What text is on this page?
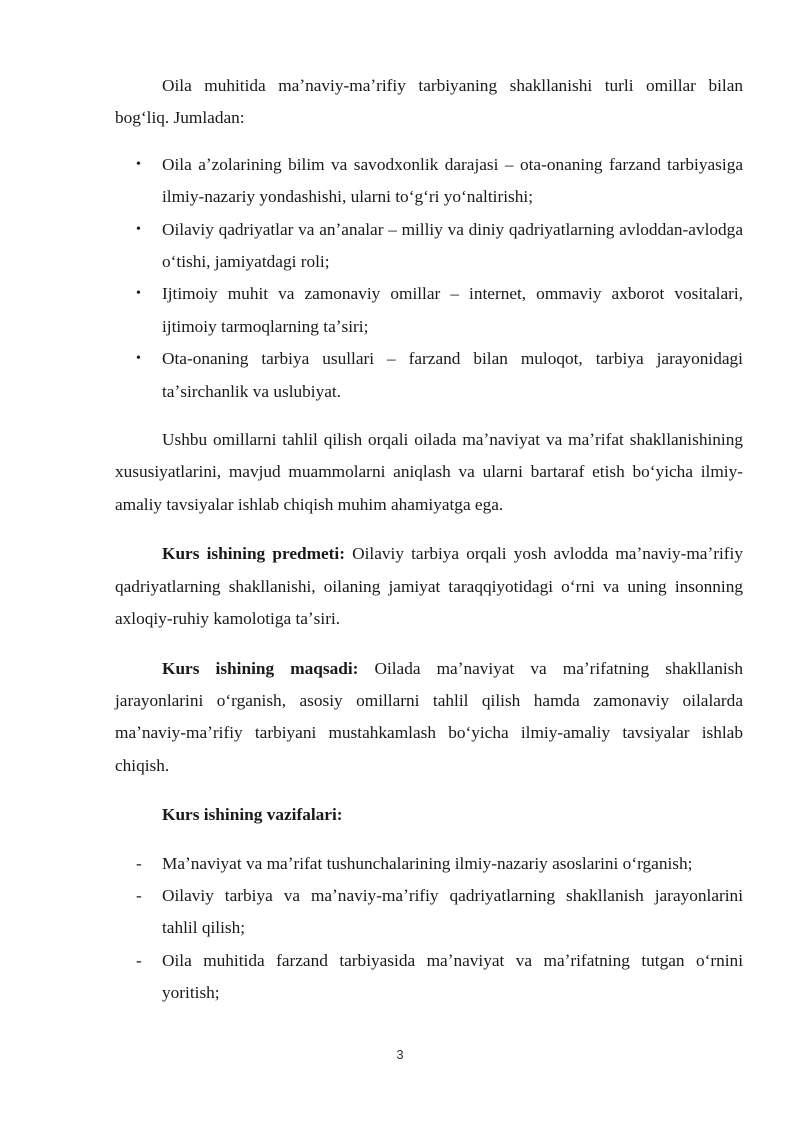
Oila muhitida maʼnaviy-maʼrifiy tarbiyaning shakllanishi turli omillar bilan bogʻliq. Jumladan:

• Oila aʼzolarining bilim va savodxonlik darajasi – ota-onaning farzand tarbiyasiga ilmiy-nazariy yondashishi, ularni toʻgʻri yoʻnaltirishi;
• Oilaviy qadriyatlar va anʼanalar – milliy va diniy qadriyatlarning avloddan-avlodga oʻtishi, jamiyatdagi roli;
• Ijtimoiy muhit va zamonaviy omillar – internet, ommaviy axborot vositalari, ijtimoiy tarmoqlarning taʼsiri;
• Ota-onaning tarbiya usullari – farzand bilan muloqot, tarbiya jarayonidagi taʼsirchanlik va uslubiyat.

Ushbu omillarni tahlil qilish orqali oilada maʼnaviyat va maʼrifat shakllanishining xususiyatlarini, mavjud muammolarni aniqlash va ularni bartaraf etish boʻyicha ilmiy-amaliy tavsiyalar ishlab chiqish muhim ahamiyatga ega.

Kurs ishining predmeti: Oilaviy tarbiya orqali yosh avlodda maʼnaviy-maʼrifiy qadriyatlarning shakllanishi, oilaning jamiyat taraqqiyotidagi oʻrni va uning insonning axloqiy-ruhiy kamolotiga taʼsiri.

Kurs ishining maqsadi: Oilada maʼnaviyat va maʼrifatning shakllanish jarayonlarini oʻrganish, asosiy omillarni tahlil qilish hamda zamonaviy oilalarda maʼnaviy-maʼrifiy tarbiyani mustahkamlash boʻyicha ilmiy-amaliy tavsiyalar ishlab chiqish.

Kurs ishining vazifalari:
- Maʼnaviyat va maʼrifat tushunchalarining ilmiy-nazariy asoslarini oʻrganish;
- Oilaviy tarbiya va maʼnaviy-maʼrifiy qadriyatlarning shakllanish jarayonlarini tahlil qilish;
- Oila muhitida farzand tarbiyasida maʼnaviyat va maʼrifatning tutgan oʻrnini yoritish;
3
